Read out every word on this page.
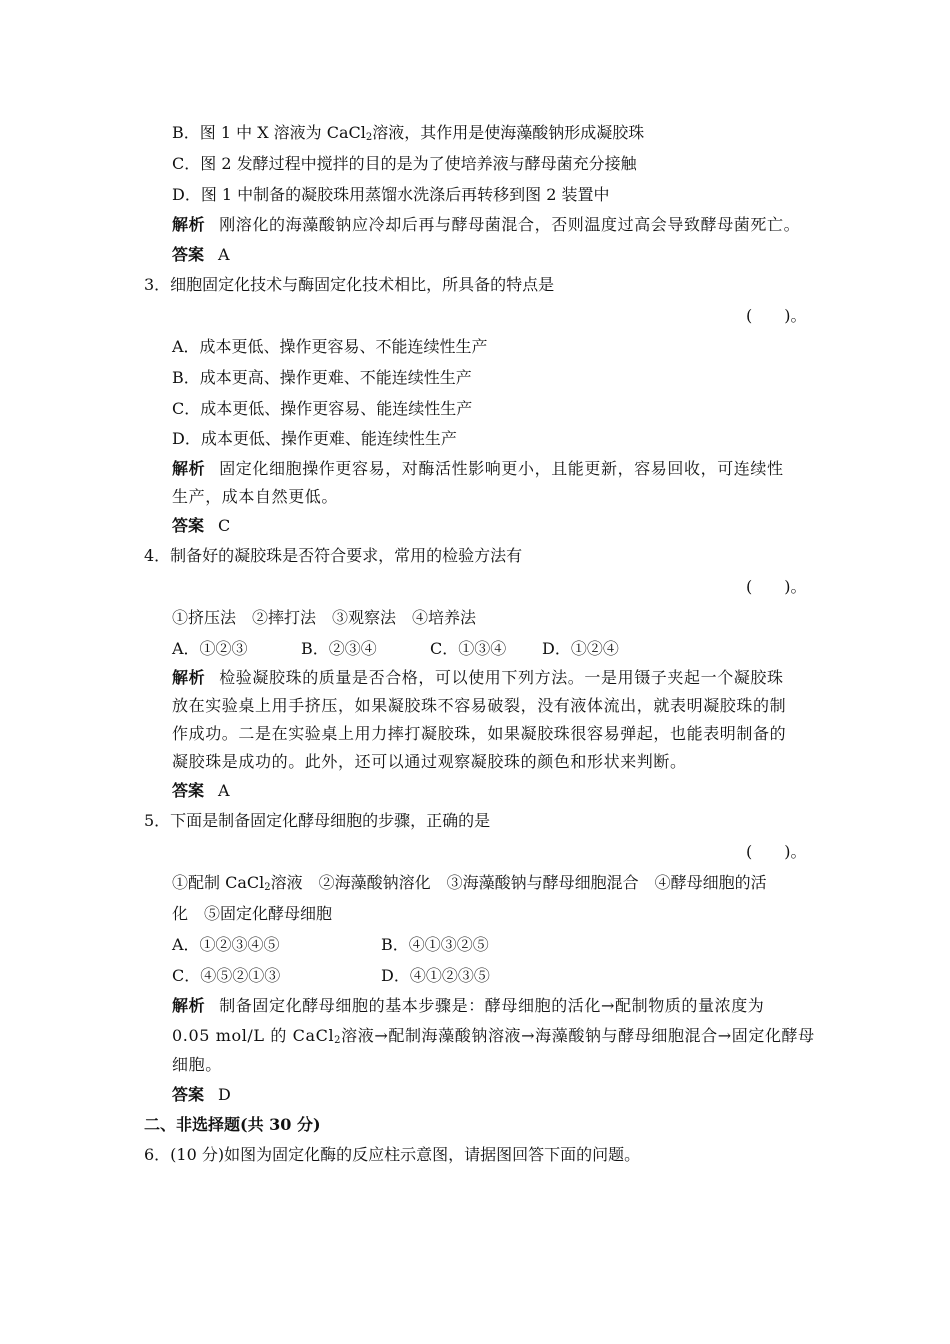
B．图 1 中 X 溶液为 CaCl$_2$溶液，其作用是使海藻酸钠形成凝胶珠
C．图 2 发酵过程中搅拌的目的是为了使培养液与酵母菌充分接触
D．图 1 中制备的凝胶珠用蒸馏水洗涤后再转移到图 2 装置中
解析 刚溶化的海藻酸钠应冷却后再与酵母菌混合，否则温度过高会导致酵母菌死亡。
答案 A
3．细胞固定化技术与酶固定化技术相比，所具备的特点是
(　　)。
A．成本更低、操作更容易、不能连续性生产
B．成本更高、操作更难、不能连续性生产
C．成本更低、操作更容易、能连续性生产
D．成本更低、操作更难、能连续性生产
解析 固定化细胞操作更容易，对酶活性影响更小，且能更新，容易回收，可连续性
生产，成本自然更低。
答案 C
4．制备好的凝胶珠是否符合要求，常用的检验方法有
(　　)。
①挤压法　②摔打法　③观察法　④培养法
A．①②③	B．②③④	C．①③④ D．①②④
解析 检验凝胶珠的质量是否合格，可以使用下列方法。一是用镊子夹起一个凝胶珠
放在实验桌上用手挤压，如果凝胶珠不容易破裂，没有液体流出，就表明凝胶珠的制
作成功。二是在实验桌上用力摔打凝胶珠，如果凝胶珠很容易弹起，也能表明制备的
凝胶珠是成功的。此外，还可以通过观察凝胶珠的颜色和形状来判断。
答案 A
5．下面是制备固定化酵母细胞的步骤，正确的是
(　　)。
①配制 CaCl$_2$溶液　②海藻酸钠溶化　③海藻酸钠与酵母细胞混合　④酵母细胞的活
化　⑤固定化酵母细胞
A．①②③④⑤	B．④①③②⑤
C．④⑤②①③	D．④①②③⑤
解析 制备固定化酵母细胞的基本步骤是：酵母细胞的活化→配制物质的量浓度为
0.05 mol/L 的 CaCl$_2$溶液→配制海藻酸钠溶液→海藻酸钠与酵母细胞混合→固定化酵母
细胞。
答案 D
二、非选择题(共 30 分)
6．(10 分)如图为固定化酶的反应柱示意图，请据图回答下面的问题。
